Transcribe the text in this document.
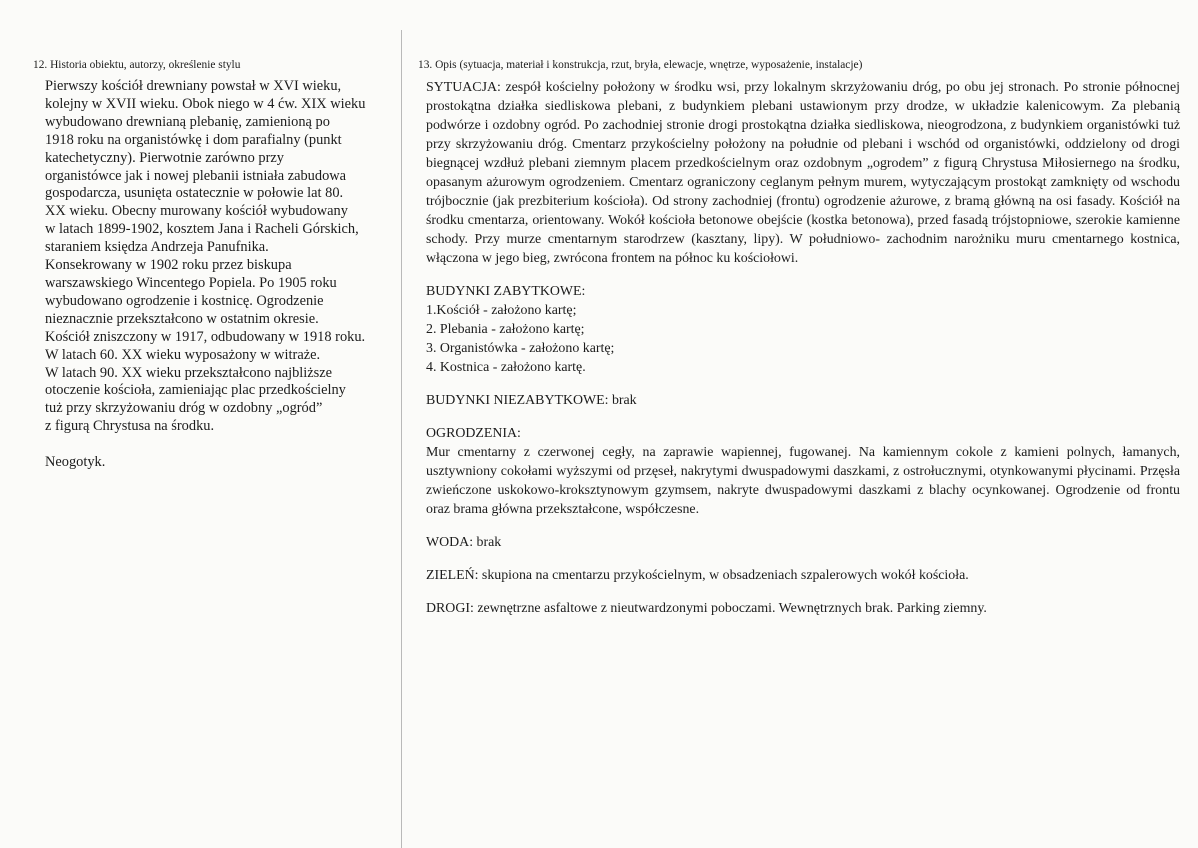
12. Historia obiektu, autorzy, określenie stylu

Pierwszy kościół drewniany powstał w XVI wieku,

kolejny w XVII wieku. Obok niego w 4 ćw. XIX wieku

wybudowano drewnianą plebanię, zamienioną po

1918 roku na organistówkę i dom parafialny (punkt

katechetyczny). Pierwotnie zarówno przy

organistówce jak i nowej plebanii istniała zabudowa

gospodarcza, usunięta ostatecznie w połowie lat 80.

XX wieku. Obecny murowany kościół wybudowany

w latach 1899-1902, kosztem Jana i Racheli Górskich,

staraniem księdza Andrzeja Panufnika.

Konsekrowany w 1902 roku przez biskupa

warszawskiego Wincentego Popiela. Po 1905 roku

wybudowano ogrodzenie i kostnicę. Ogrodzenie

nieznacznie przekształcono w ostatnim okresie.

Kościół zniszczony w 1917, odbudowany w 1918 roku.

W latach 60. XX wieku wyposażony w witraże.

W latach 90. XX wieku przekształcono najbliższe

otoczenie kościoła, zamieniając plac przedkościelny

tuż przy skrzyżowaniu dróg w ozdobny „ogród”

z figurą Chrystusa na środku.

Neogotyk.

13. Opis (sytuacja, materiał i konstrukcja, rzut, bryła, elewacje, wnętrze, wyposażenie, instalacje)

SYTUACJA: zespół kościelny położony w środku wsi, przy lokalnym skrzyżowaniu dróg, po obu jej stronach. Po stronie północnej prostokątna działka siedliskowa plebani, z budynkiem plebani ustawionym przy drodze, w układzie kalenicowym. Za plebanią podwórze i ozdobny ogród. Po zachodniej stronie drogi prostokątna działka siedliskowa, nieogrodzona, z budynkiem organistówki tuż przy skrzyżowaniu dróg. Cmentarz przykościelny położony na południe od plebani i wschód od organistówki, oddzielony od drogi biegnącej wzdłuż plebani ziemnym placem przedkościelnym oraz ozdobnym „ogrodem” z figurą Chrystusa Miłosiernego na środku, opasanym ażurowym ogrodzeniem. Cmentarz ograniczony ceglanym pełnym murem, wytyczającym prostokąt zamknięty od wschodu trójbocznie (jak prezbiterium kościoła). Od strony zachodniej (frontu) ogrodzenie ażurowe, z bramą główną na osi fasady. Kościół na środku cmentarza, orientowany. Wokół kościoła betonowe obejście (kostka betonowa), przed fasadą trójstopniowe, szerokie kamienne schody. Przy murze cmentarnym starodrzew (kasztany, lipy). W południowo- zachodnim narożniku muru cmentarnego kostnica, włączona w jego bieg, zwrócona frontem na północ ku kościołowi.

BUDYNKI ZABYTKOWE:

1.Kościół - założono kartę;

2. Plebania - założono kartę;

3. Organistówka - założono kartę;

4. Kostnica - założono kartę.

BUDYNKI NIEZABYTKOWE: brak

OGRODZENIA:

Mur cmentarny z czerwonej cegły, na zaprawie wapiennej, fugowanej. Na kamiennym cokole z kamieni polnych, łamanych, usztywniony cokołami wyższymi od przęseł, nakrytymi dwuspadowymi daszkami, z ostrołucznymi, otynkowanymi płycinami. Przęsła zwieńczone uskokowo-kroksztynowym gzymsem, nakryte dwuspadowymi daszkami z blachy ocynkowanej. Ogrodzenie od frontu oraz brama główna przekształcone, współczesne.

WODA: brak

ZIELEŃ: skupiona na cmentarzu przykościelnym, w obsadzeniach szpalerowych wokół kościoła.

DROGI: zewnętrzne asfaltowe z nieutwardzonymi poboczami. Wewnętrznych brak. Parking ziemny.
